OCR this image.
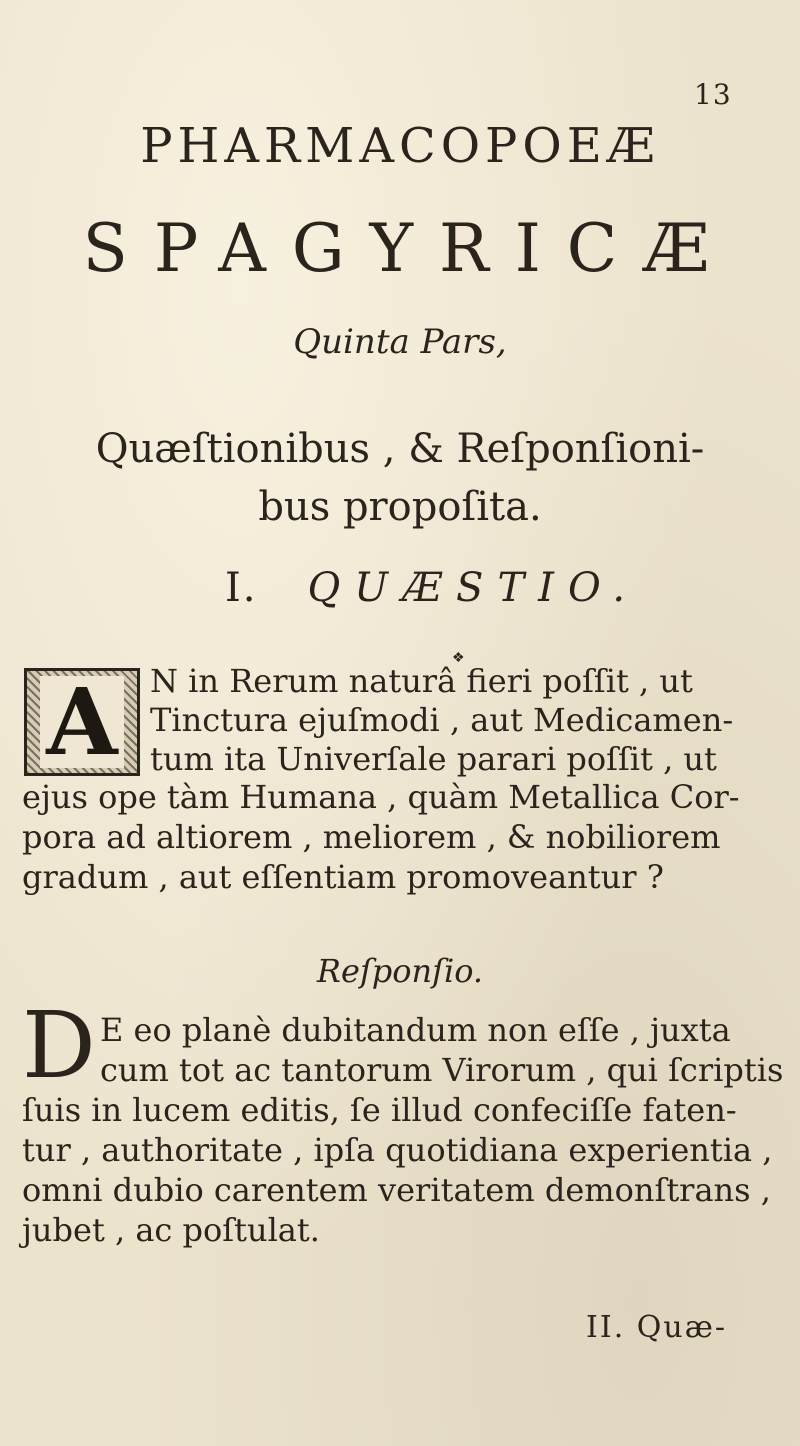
13
PHARMACOPOEÆ
SPAGYRICÆ
Quinta Pars,
Quæſtionibus , & Reſponſioni-
bus propoſita.
I. QUÆSTIO.
❖
A N in Rerum naturâ fieri poſſit , ut
Tinctura ejuſmodi , aut Medicamen-
tum ita Univerſale parari poſſit , ut
ejus ope tàm Humana , quàm Metallica Cor-
pora ad altiorem , meliorem , & nobiliorem
gradum , aut eſſentiam promoveantur ?
Reſponſio.
D E eo planè dubitandum non eſſe , juxta
cum tot ac tantorum Virorum , qui ſcriptis
ſuis in lucem editis, ſe illud confeciſſe faten-
tur , authoritate , ipſa quotidiana experientia ,
omni dubio carentem veritatem demonſtrans ,
jubet , ac poſtulat.
II. Quæ-
